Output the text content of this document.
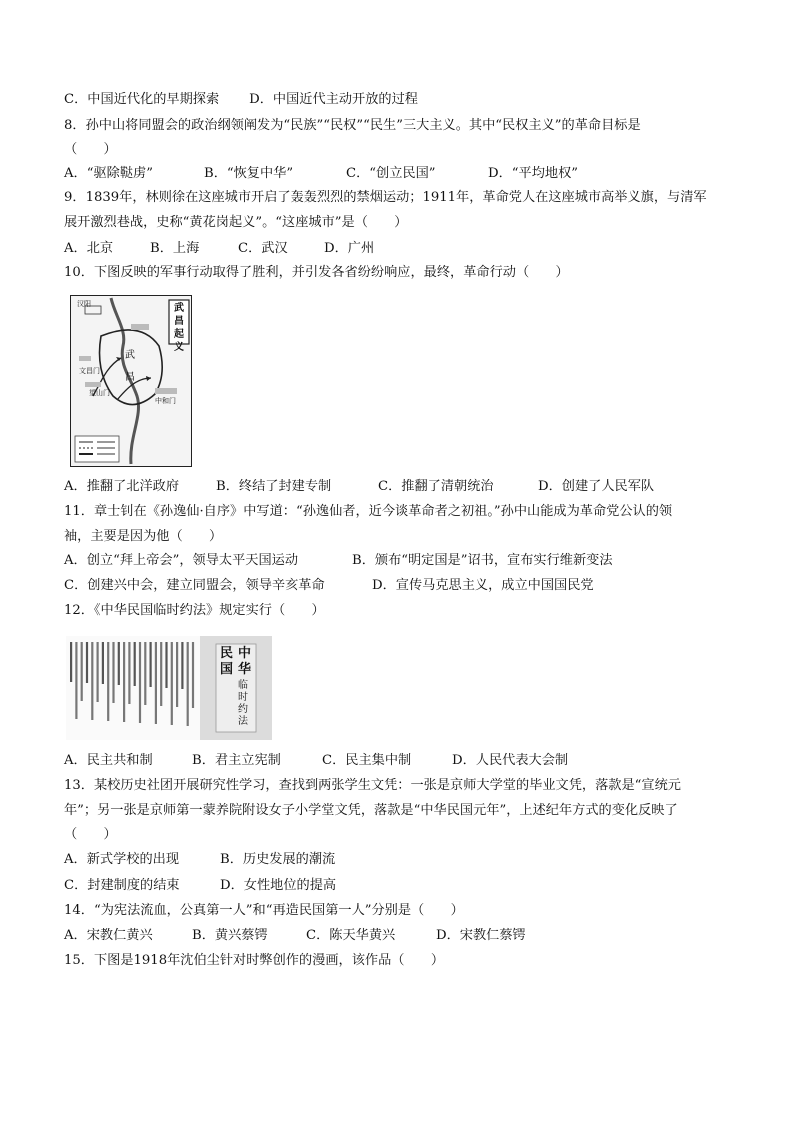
C．中国近代化的早期探索 D．中国近代主动开放的过程
8．孙中山将同盟会的政治纲领阐发为“民族”“民权”“民生”三大主义。其中“民权主义”的革命目标是
（　　）
A．“驱除鞑虏”	B．“恢复中华”	C．“创立民国”	D．“平均地权”
9．1839年，林则徐在这座城市开启了轰轰烈烈的禁烟运动；1911年，革命党人在这座城市高举义旗，与清军
展开激烈巷战，史称“黄花岗起义”。“这座城市”是（　　）
A．北京	B．上海	C．武汉	D．广州
10．下图反映的军事行动取得了胜利，并引发各省纷纷响应，最终，革命行动（　　）
武昌起义
汉阳
武
昌
文昌门
望山门
中和门
A．推翻了北洋政府	B．终结了封建专制	C．推翻了清朝统治	D．创建了人民军队
11．章士钊在《孙逸仙·自序》中写道：“孙逸仙者，近今谈革命者之初祖。”孙中山能成为革命党公认的领
袖，主要是因为他（　　）
A．创立“拜上帝会”，领导太平天国运动	B．颁布“明定国是”诏书，宣布实行维新变法
C．创建兴中会，建立同盟会，领导辛亥革命	D．宣传马克思主义，成立中国国民党
12．《中华民国临时约法》规定实行（　　）
中华
民国
临时约法
A．民主共和制	B．君主立宪制	C．民主集中制	D．人民代表大会制
13．某校历史社团开展研究性学习，查找到两张学生文凭：一张是京师大学堂的毕业文凭，落款是“宣统元
年”；另一张是京师第一蒙养院附设女子小学堂文凭，落款是“中华民国元年”，上述纪年方式的变化反映了
（　　）
A．新式学校的出现	B．历史发展的潮流
C．封建制度的结束	D．女性地位的提高
14．“为宪法流血，公真第一人”和“再造民国第一人”分别是（　　）
A．宋教仁黄兴	B．黄兴蔡锷	C．陈天华黄兴	D．宋教仁蔡锷
15．下图是1918年沈伯尘针对时弊创作的漫画，该作品（　　）
